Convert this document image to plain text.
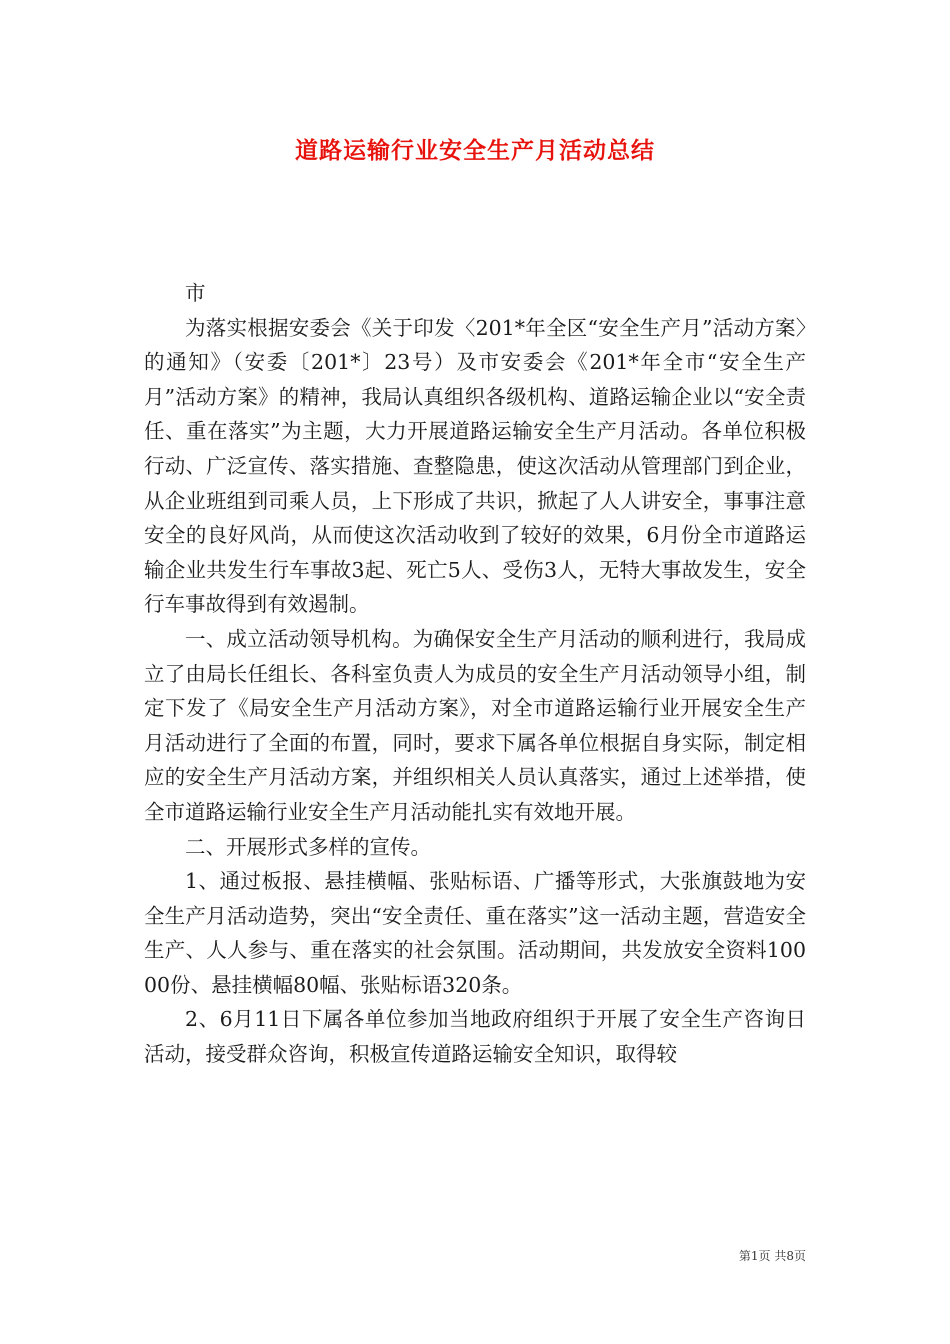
道路运输行业安全生产月活动总结

市

为落实根据安委会《关于印发〈201*年全区“安全生产月”活动方案〉的通知》（安委〔201*〕23号）及市安委会《201*年全市“安全生产月”活动方案》的精神，我局认真组织各级机构、道路运输企业以“安全责任、重在落实”为主题，大力开展道路运输安全生产月活动。各单位积极行动、广泛宣传、落实措施、查整隐患，使这次活动从管理部门到企业，从企业班组到司乘人员，上下形成了共识，掀起了人人讲安全，事事注意安全的良好风尚，从而使这次活动收到了较好的效果，6月份全市道路运输企业共发生行车事故3起、死亡5人、受伤3人，无特大事故发生，安全行车事故得到有效遏制。

一、成立活动领导机构。为确保安全生产月活动的顺利进行，我局成立了由局长任组长、各科室负责人为成员的安全生产月活动领导小组，制定下发了《局安全生产月活动方案》，对全市道路运输行业开展安全生产月活动进行了全面的布置，同时，要求下属各单位根据自身实际，制定相应的安全生产月活动方案，并组织相关人员认真落实，通过上述举措，使全市道路运输行业安全生产月活动能扎实有效地开展。

二、开展形式多样的宣传。

1、通过板报、悬挂横幅、张贴标语、广播等形式，大张旗鼓地为安全生产月活动造势，突出“安全责任、重在落实”这一活动主题，营造安全生产、人人参与、重在落实的社会氛围。活动期间，共发放安全资料10000份、悬挂横幅80幅、张贴标语320条。

2、6月11日下属各单位参加当地政府组织于开展了安全生产咨询日活动，接受群众咨询，积极宣传道路运输安全知识，取得较

第1页 共8页
